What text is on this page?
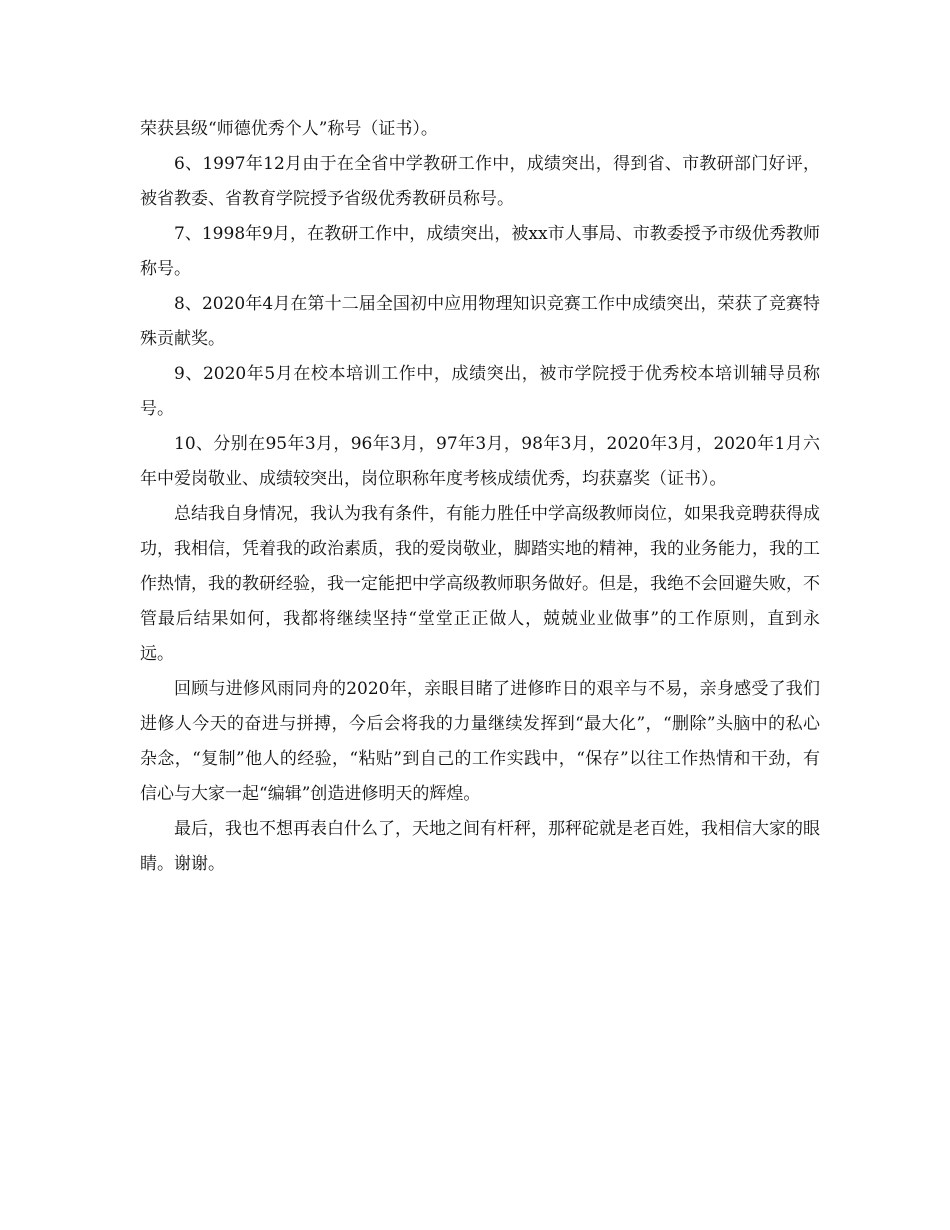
荣获县级“师德优秀个人”称号（证书）。

6、1997年12月由于在全省中学教研工作中，成绩突出，得到省、市教研部门好评，被省教委、省教育学院授予省级优秀教研员称号。

7、1998年9月，在教研工作中，成绩突出，被xx市人事局、市教委授予市级优秀教师称号。

8、2020年4月在第十二届全国初中应用物理知识竞赛工作中成绩突出，荣获了竞赛特殊贡献奖。

9、2020年5月在校本培训工作中，成绩突出，被市学院授于优秀校本培训辅导员称号。

10、分别在95年3月，96年3月，97年3月，98年3月，2020年3月，2020年1月六年中爱岗敬业、成绩较突出，岗位职称年度考核成绩优秀，均获嘉奖（证书）。

总结我自身情况，我认为我有条件，有能力胜任中学高级教师岗位，如果我竞聘获得成功，我相信，凭着我的政治素质，我的爱岗敬业，脚踏实地的精神，我的业务能力，我的工作热情，我的教研经验，我一定能把中学高级教师职务做好。但是，我绝不会回避失败，不管最后结果如何，我都将继续坚持“堂堂正正做人，兢兢业业做事”的工作原则，直到永远。

回顾与进修风雨同舟的2020年，亲眼目睹了进修昨日的艰辛与不易，亲身感受了我们进修人今天的奋进与拼搏，今后会将我的力量继续发挥到“最大化”，“删除”头脑中的私心杂念，“复制”他人的经验，“粘贴”到自己的工作实践中，“保存”以往工作热情和干劲，有信心与大家一起“编辑”创造进修明天的辉煌。

最后，我也不想再表白什么了，天地之间有杆秤，那秤砣就是老百姓，我相信大家的眼睛。谢谢。
